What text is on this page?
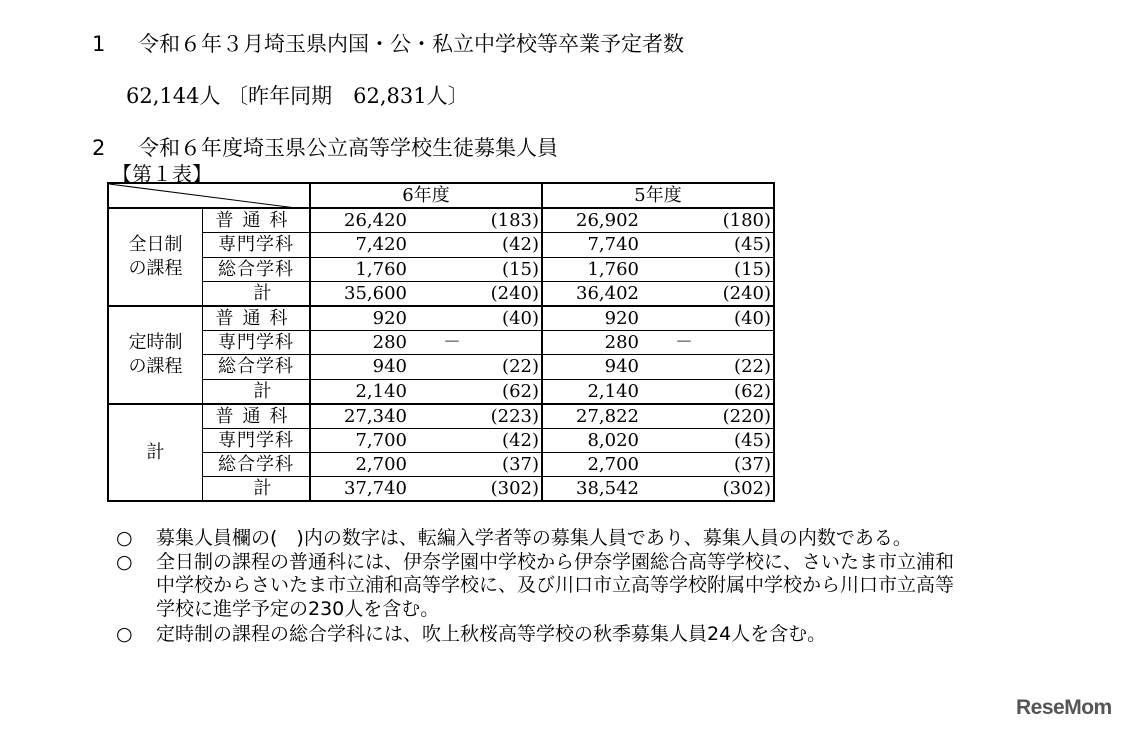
1 令和６年３月埼玉県内国・公・私立中学校等卒業予定者数
62,144人 〔昨年同期　62,831人〕
2 令和６年度埼玉県公立高等学校生徒募集人員
【第１表】
	6年度		5年度	

全日制
の課程	普通科	26,420	(183)	26,902	(180)
	専門学科	7,420	(42)	7,740	(45)
	総合学科	1,760	(15)	1,760	(15)
	計	35,600	(240)	36,402	(240)

定時制
の課程	普通科	920	(40)	920	(40)
	専門学科	280	－	280	－
	総合学科	940	(22)	940	(22)
	計	2,140	(62)	2,140	(62)

計	普通科	27,340	(223)	27,822	(220)
	専門学科	7,700	(42)	8,020	(45)
	総合学科	2,700	(37)	2,700	(37)
	計	37,740	(302)	38,542	(302)
○	募集人員欄の(　)内の数字は、転編入学者等の募集人員であり、募集人員の内数である。
○	全日制の課程の普通科には、伊奈学園中学校から伊奈学園総合高等学校に、さいたま市立浦和中学校からさいたま市立浦和高等学校に、及び川口市立高等学校附属中学校から川口市立高等学校に進学予定の230人を含む。
○	定時制の課程の総合学科には、吹上秋桜高等学校の秋季募集人員24人を含む。
ReseMom
